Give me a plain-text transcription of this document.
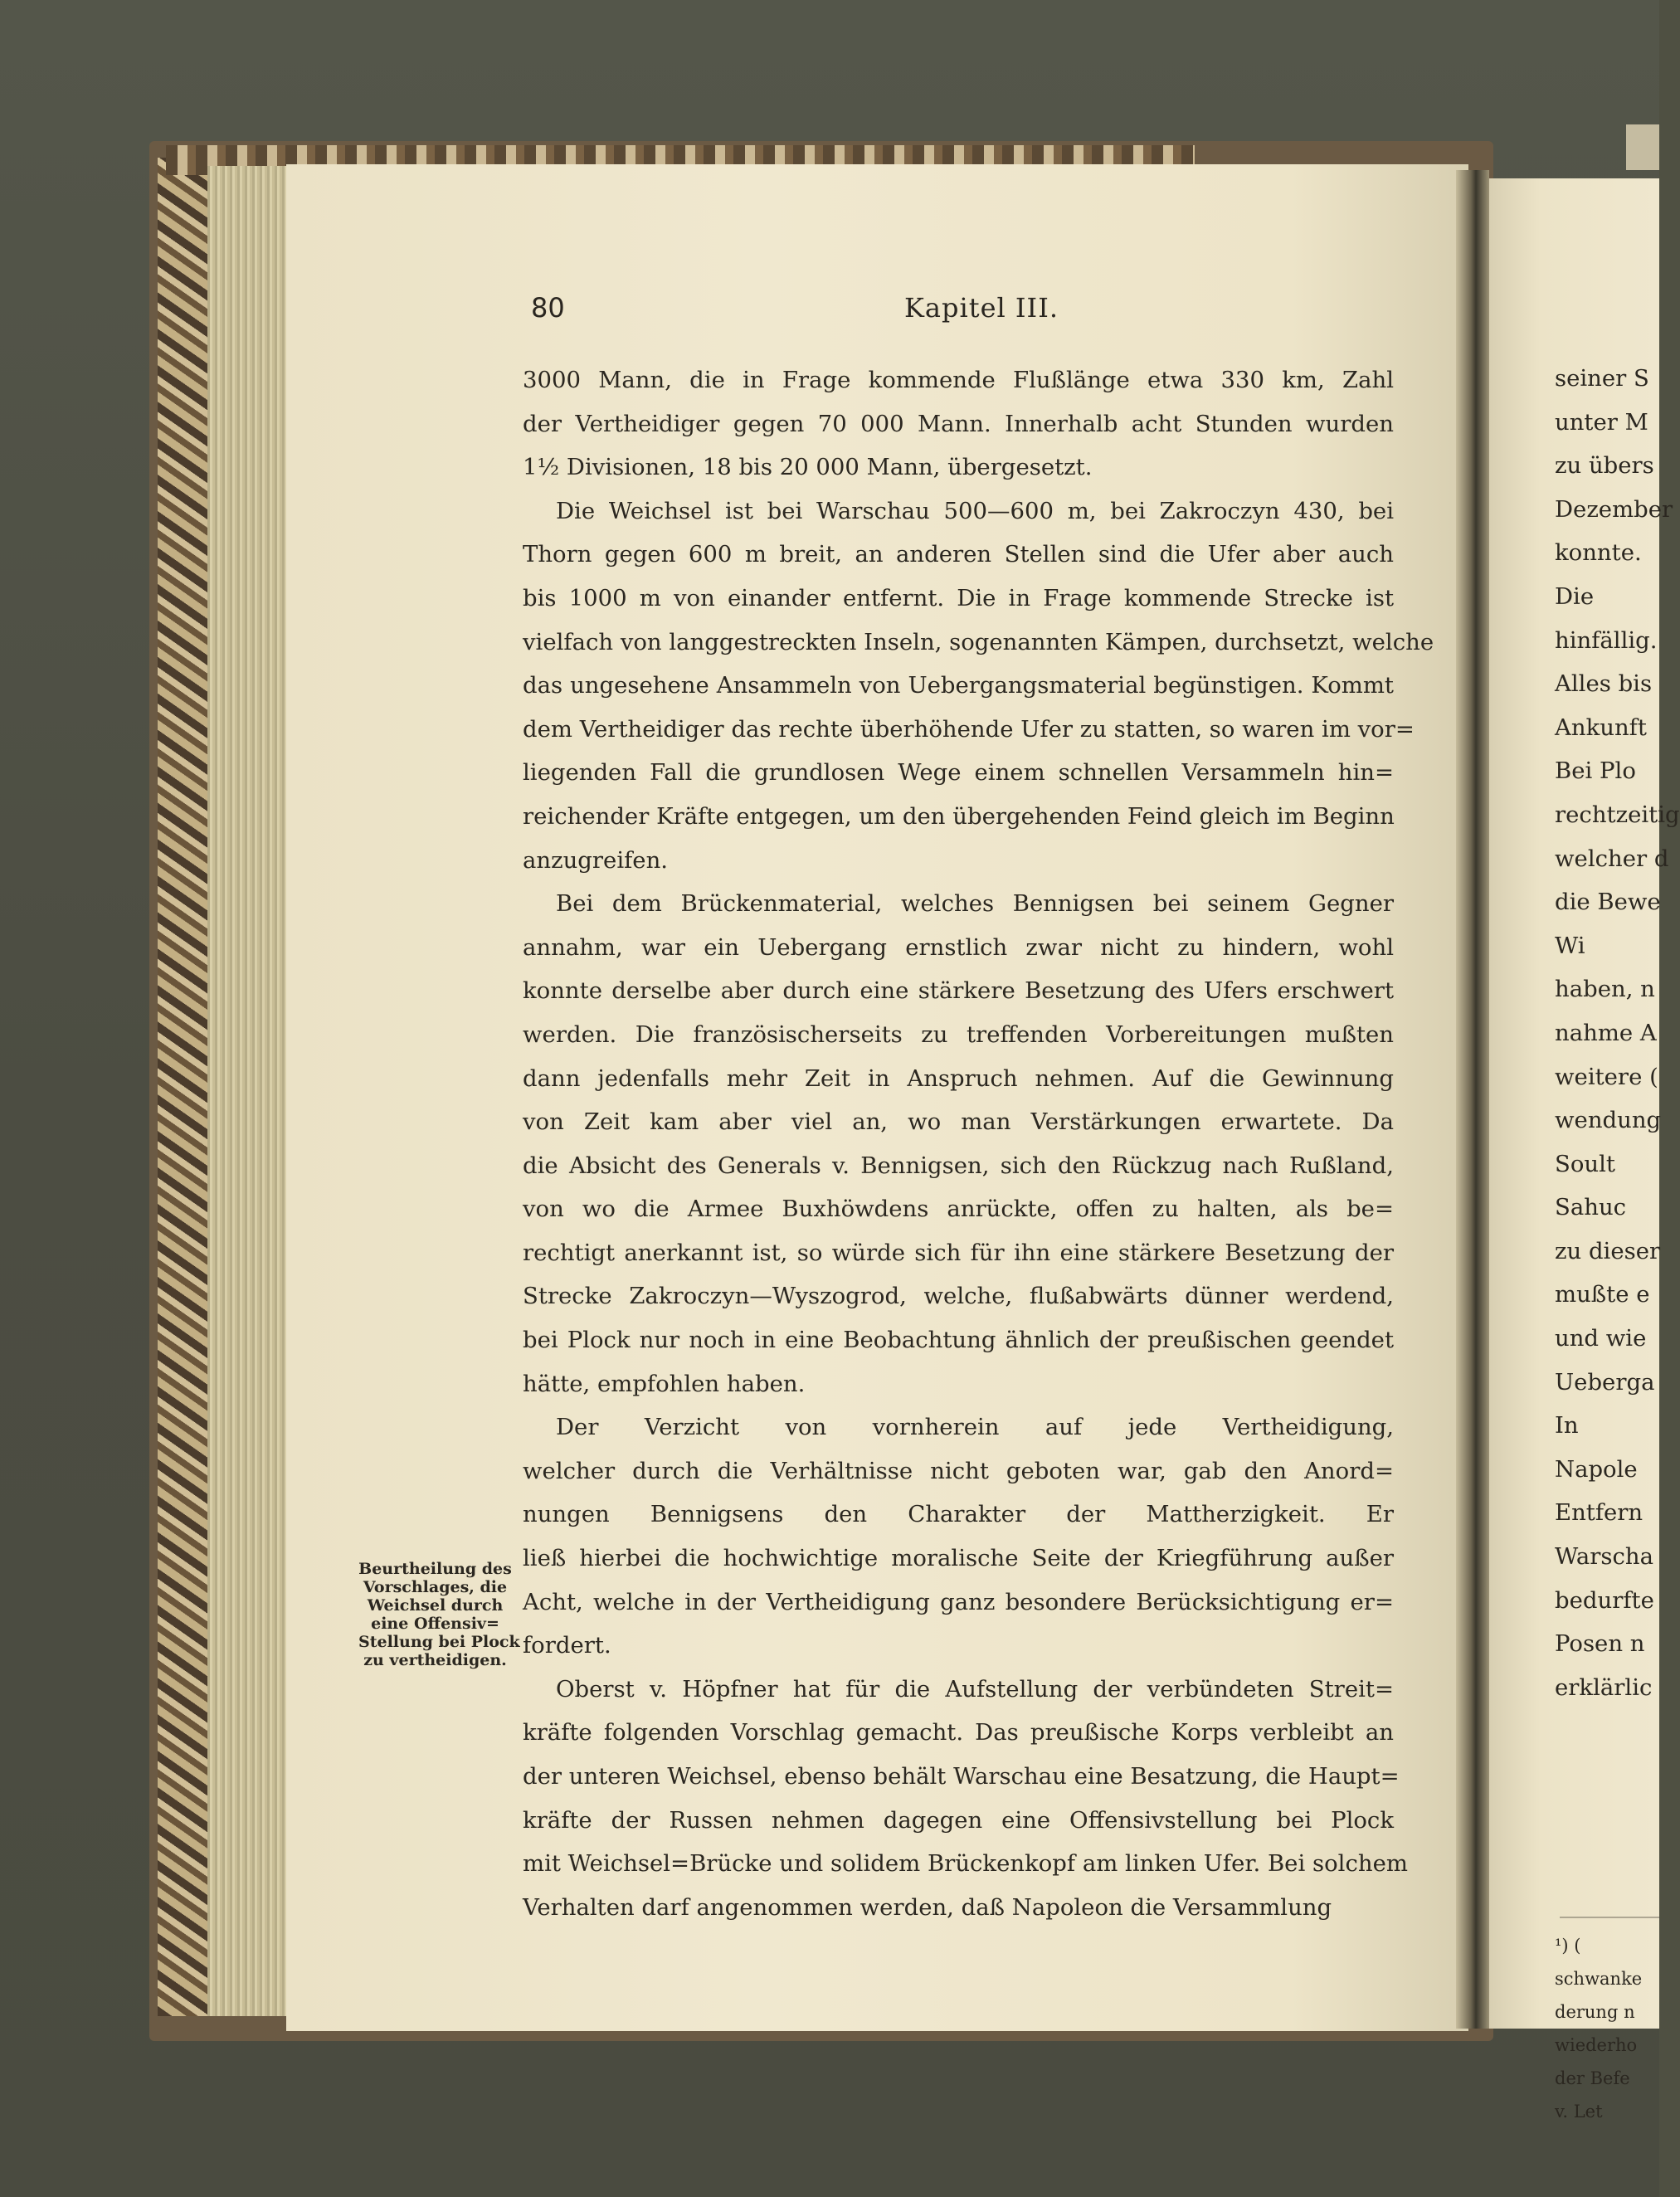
80	Kapitel III.
3000 Mann, die in Frage kommende Flußlänge etwa 330 km, Zahl
der Vertheidiger gegen 70 000 Mann. Innerhalb acht Stunden wurden
1½ Divisionen, 18 bis 20 000 Mann, übergesetzt.
Die Weichsel ist bei Warschau 500—600 m, bei Zakroczyn 430, bei
Thorn gegen 600 m breit, an anderen Stellen sind die Ufer aber auch
bis 1000 m von einander entfernt. Die in Frage kommende Strecke ist
vielfach von langgestreckten Inseln, sogenannten Kämpen, durchsetzt, welche
das ungesehene Ansammeln von Uebergangsmaterial begünstigen. Kommt
dem Vertheidiger das rechte überhöhende Ufer zu statten, so waren im vor=
liegenden Fall die grundlosen Wege einem schnellen Versammeln hin=
reichender Kräfte entgegen, um den übergehenden Feind gleich im Beginn
anzugreifen.
Bei dem Brückenmaterial, welches Bennigsen bei seinem Gegner
annahm, war ein Uebergang ernstlich zwar nicht zu hindern, wohl
konnte derselbe aber durch eine stärkere Besetzung des Ufers erschwert
werden. Die französischerseits zu treffenden Vorbereitungen mußten
dann jedenfalls mehr Zeit in Anspruch nehmen. Auf die Gewinnung
von Zeit kam aber viel an, wo man Verstärkungen erwartete. Da
die Absicht des Generals v. Bennigsen, sich den Rückzug nach Rußland,
von wo die Armee Buxhöwdens anrückte, offen zu halten, als be=
rechtigt anerkannt ist, so würde sich für ihn eine stärkere Besetzung der
Strecke Zakroczyn—Wyszogrod, welche, flußabwärts dünner werdend,
bei Plock nur noch in eine Beobachtung ähnlich der preußischen geendet
hätte, empfohlen haben.
Der Verzicht von vornherein auf jede Vertheidigung,
welcher durch die Verhältnisse nicht geboten war, gab den Anord=
nungen Bennigsens den Charakter der Mattherzigkeit. Er
ließ hierbei die hochwichtige moralische Seite der Kriegführung außer
Acht, welche in der Vertheidigung ganz besondere Berücksichtigung er=
fordert.
Oberst v. Höpfner hat für die Aufstellung der verbündeten Streit=
kräfte folgenden Vorschlag gemacht. Das preußische Korps verbleibt an
der unteren Weichsel, ebenso behält Warschau eine Besatzung, die Haupt=
kräfte der Russen nehmen dagegen eine Offensivstellung bei Plock
mit Weichsel=Brücke und solidem Brückenkopf am linken Ufer. Bei solchem
Verhalten darf angenommen werden, daß Napoleon die Versammlung
Beurtheilung des
Vorschlages, die
Weichsel durch
eine Offensiv=
Stellung bei Plock
zu vertheidigen.
seiner S
unter M
zu übers
Dezember
konnte.
Die
hinfällig.
Alles bis
Ankunft
Bei Plo
rechtzeitig
welcher d
die Bewe
Wi
haben, n
nahme A
weitere (
wendung
Soult
Sahuc
zu dieser
mußte e
und wie
Ueberga
In
Napole
Entfern
Warscha
bedurfte
Posen n
erklärlic
¹) (
schwanke
derung n
wiederho
der Befe
v. Let
